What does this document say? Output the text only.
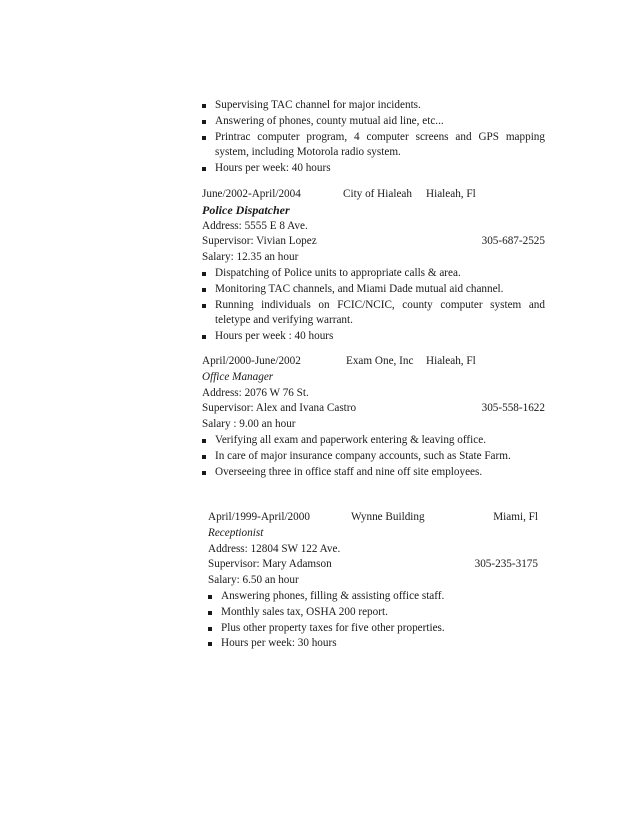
Supervising TAC channel for major incidents.
Answering of phones, county mutual aid line, etc...
Printrac computer program, 4 computer screens and GPS mapping
system, including Motorola radio system.
Hours per week: 40 hours
June/2002-April/2004	City of Hialeah Hialeah, Fl
Police Dispatcher
Address: 5555 E 8 Ave.
Supervisor: Vivian Lopez	305-687-2525
Salary: 12.35 an hour
Dispatching of Police units to appropriate calls & area.
Monitoring TAC channels, and Miami Dade mutual aid channel.
Running individuals on FCIC/NCIC, county computer system and
teletype and verifying warrant.
Hours per week : 40 hours
April/2000-June/2002	Exam One, Inc Hialeah, Fl
Office Manager
Address: 2076 W 76 St.
Supervisor: Alex and Ivana Castro	305-558-1622
Salary : 9.00 an hour
Verifying all exam and paperwork entering & leaving office.
In care of major insurance company accounts, such as State Farm.
Overseeing three in office staff and nine off site employees.
April/1999-April/2000	Wynne Building	Miami, Fl
Receptionist
Address: 12804 SW 122 Ave.
Supervisor: Mary Adamson	305-235-3175
Salary: 6.50 an hour
Answering phones, filling & assisting office staff.
Monthly sales tax, OSHA 200 report.
Plus other property taxes for five other properties.
Hours per week: 30 hours
